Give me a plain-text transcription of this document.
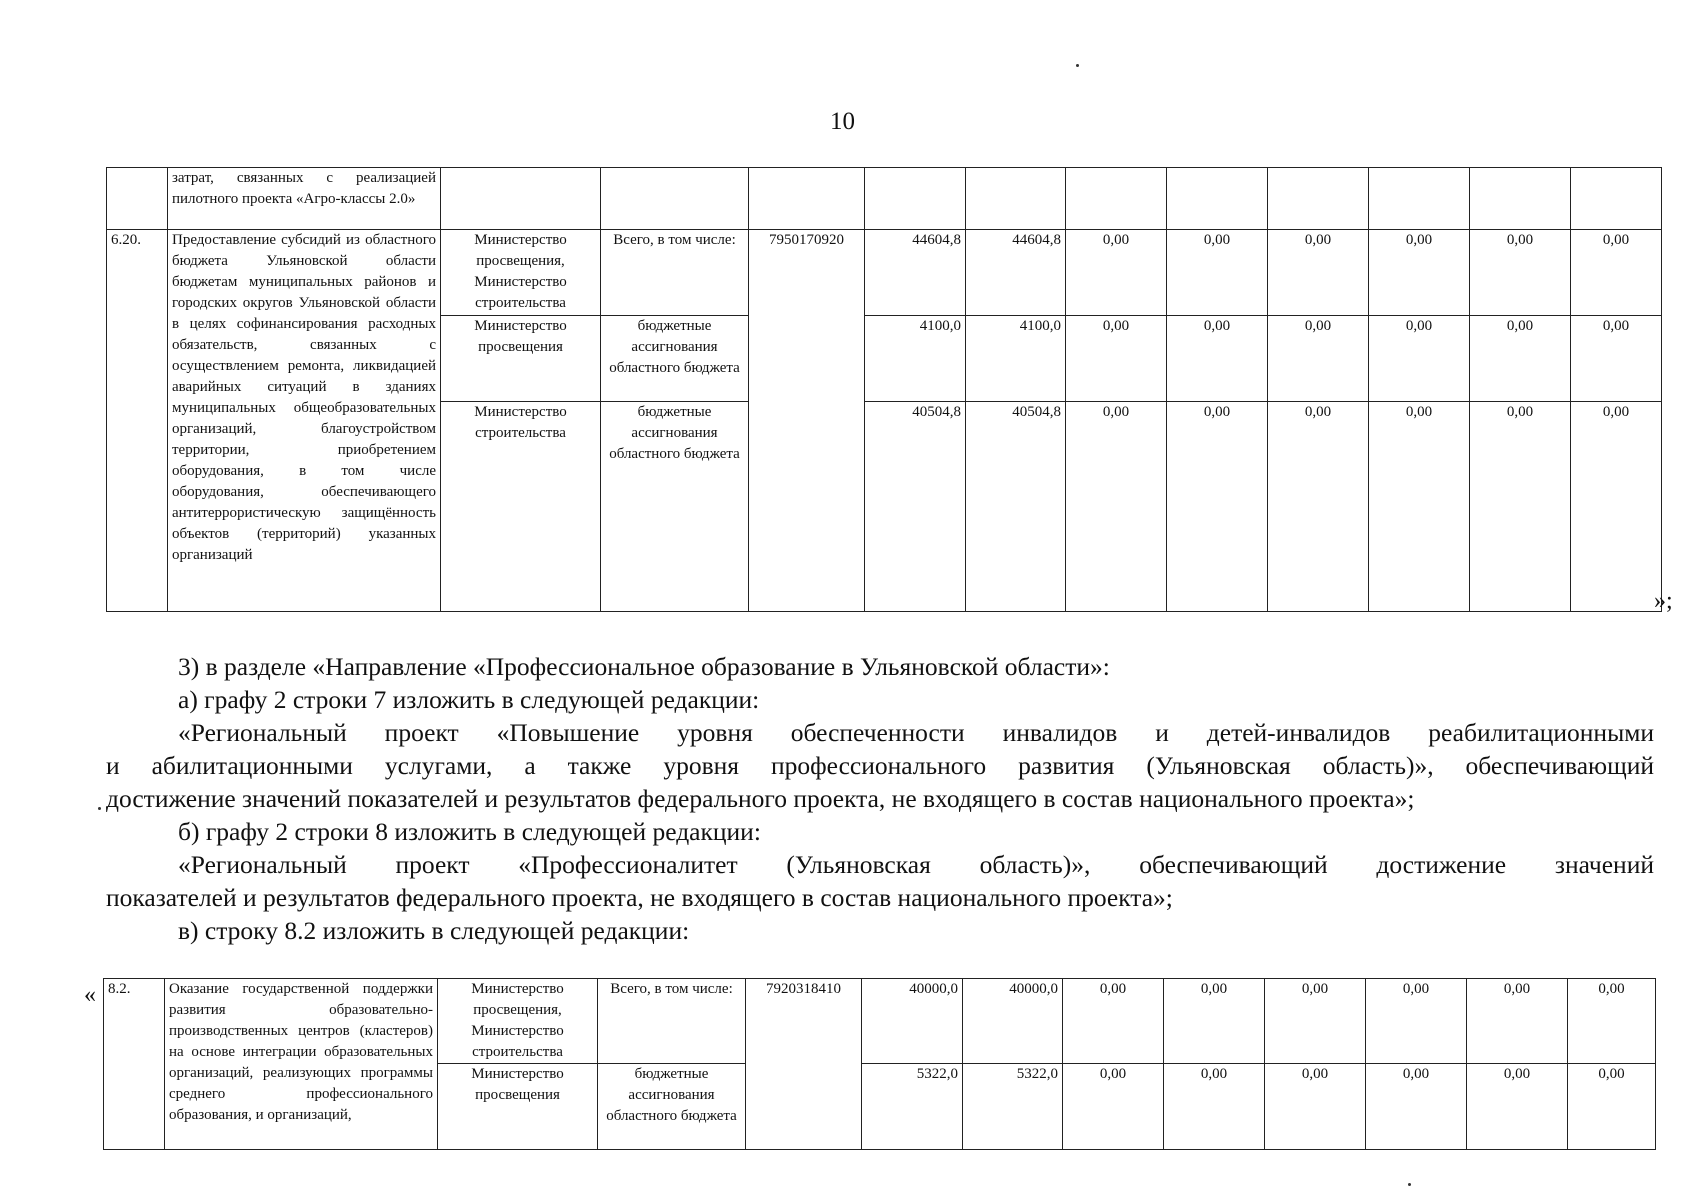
10
	затрат, связанных с реализацией пилотного проекта «Агро-классы 2.0»											
6.20.	Предоставление субсидий из областного бюджета Ульяновской области бюджетам муниципальных районов и городских округов Ульяновской области в целях софинансирования расходных обязательств, связанных с осуществлением ремонта, ликвидацией аварийных ситуаций в зданиях муниципальных общеобразовательных организаций, благоустройством территории, приобретением оборудования, в том числе оборудования, обеспечивающего антитеррористическую защищённость объектов (территорий) указанных организаций	Министерство просвещения, Министерство строительства	Всего, в том числе:	7950170920	44604,8	44604,8	0,00	0,00	0,00	0,00	0,00	0,00
		Министерство просвещения	бюджетные ассигнования областного бюджета		4100,0	4100,0	0,00	0,00	0,00	0,00	0,00	0,00
		Министерство строительства	бюджетные ассигнования областного бюджета		40504,8	40504,8	0,00	0,00	0,00	0,00	0,00	0,00
»;
3) в разделе «Направление «Профессиональное образование в Ульяновской области»:
а) графу 2 строки 7 изложить в следующей редакции:
«Региональный проект «Повышение уровня обеспеченности инвалидов и детей-инвалидов реабилитационными
и абилитационными услугами, а также уровня профессионального развития (Ульяновская область)», обеспечивающий
достижение значений показателей и результатов федерального проекта, не входящего в состав национального проекта»;
б) графу 2 строки 8 изложить в следующей редакции:
«Региональный проект «Профессионалитет (Ульяновская область)», обеспечивающий достижение значений
показателей и результатов федерального проекта, не входящего в состав национального проекта»;
в) строку 8.2 изложить в следующей редакции:
« 8.2.	Оказание государственной поддержки развития образовательно-производственных центров (кластеров) на основе интеграции образовательных организаций, реализующих программы среднего профессионального образования, и организаций,	Министерство просвещения, Министерство строительства	Всего, в том числе:	7920318410	40000,0	40000,0	0,00	0,00	0,00	0,00	0,00	0,00
		Министерство просвещения	бюджетные ассигнования областного бюджета		5322,0	5322,0	0,00	0,00	0,00	0,00	0,00	0,00
